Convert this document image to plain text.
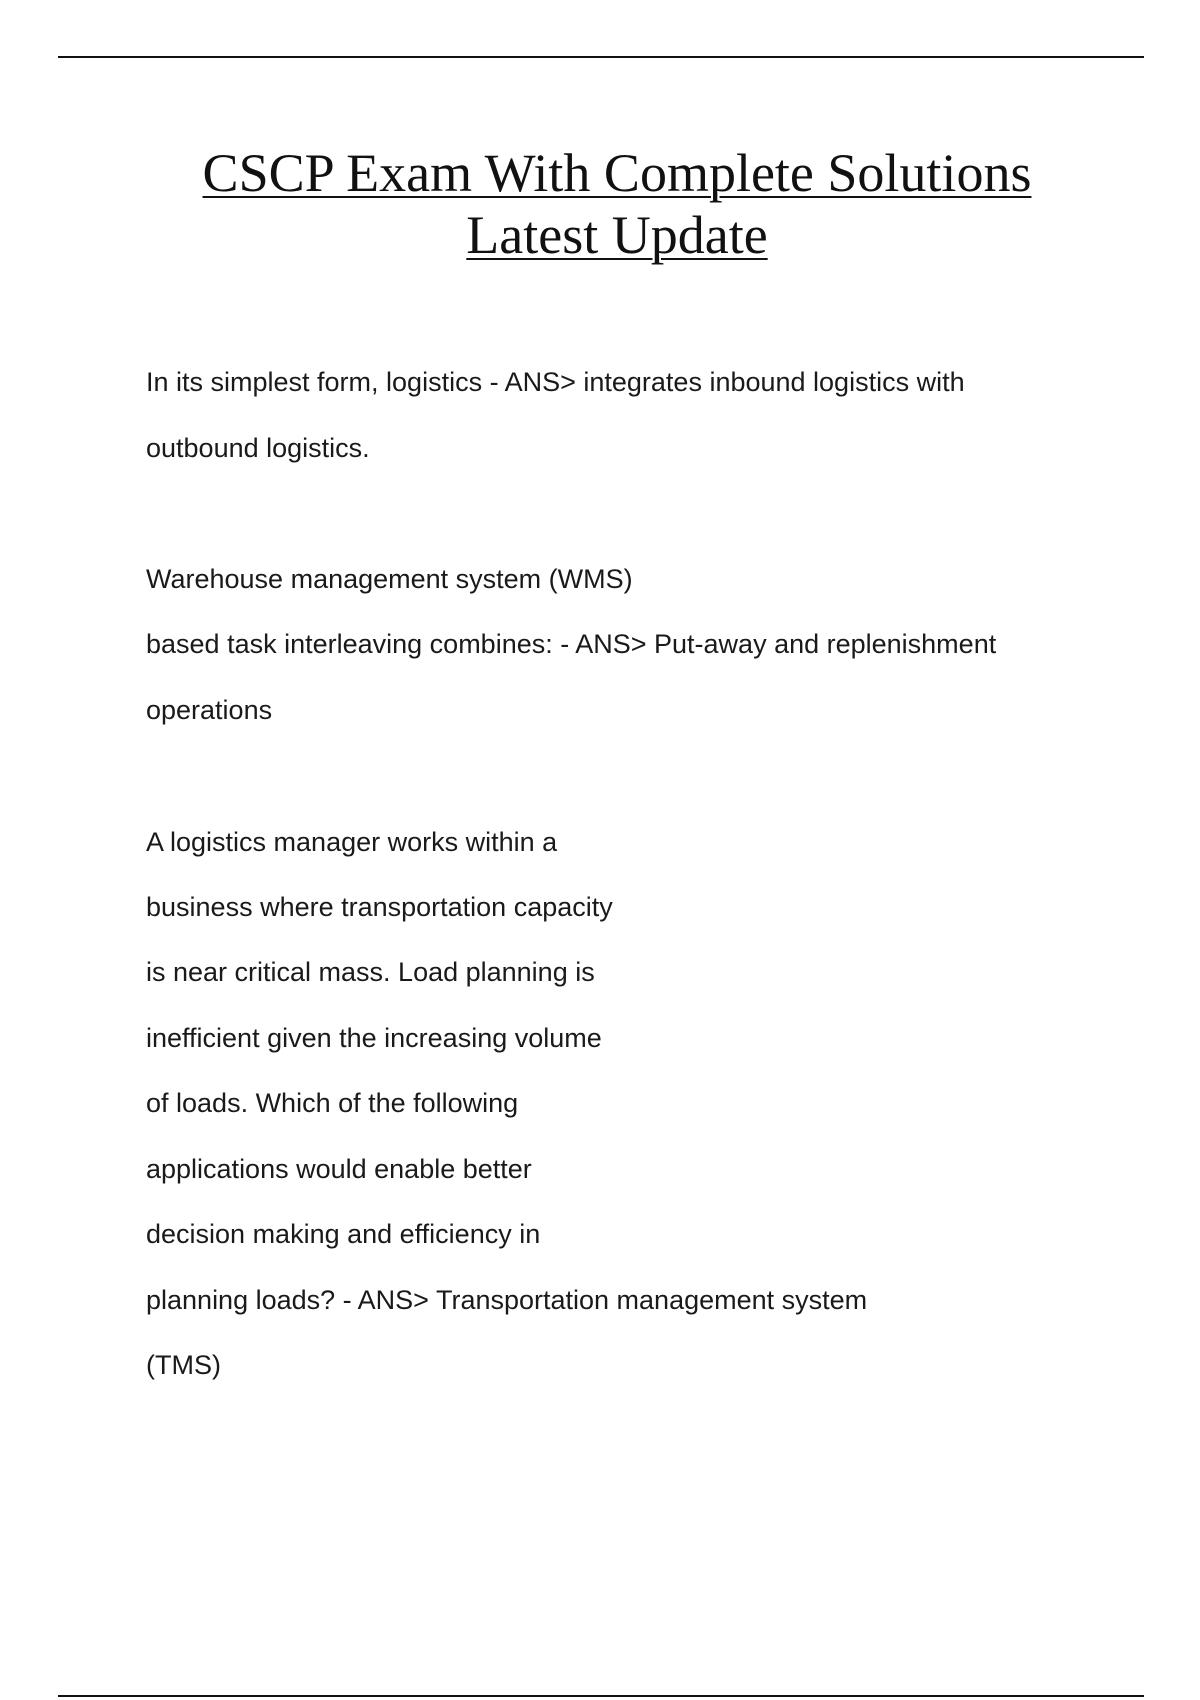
CSCP Exam With Complete Solutions
Latest Update
In its simplest form, logistics - ANS> integrates inbound logistics with
outbound logistics.
Warehouse management system (WMS)
based task interleaving combines: - ANS> Put-away and replenishment
operations
A logistics manager works within a
business where transportation capacity
is near critical mass. Load planning is
inefficient given the increasing volume
of loads. Which of the following
applications would enable better
decision making and efficiency in
planning loads? - ANS> Transportation management system
(TMS)
